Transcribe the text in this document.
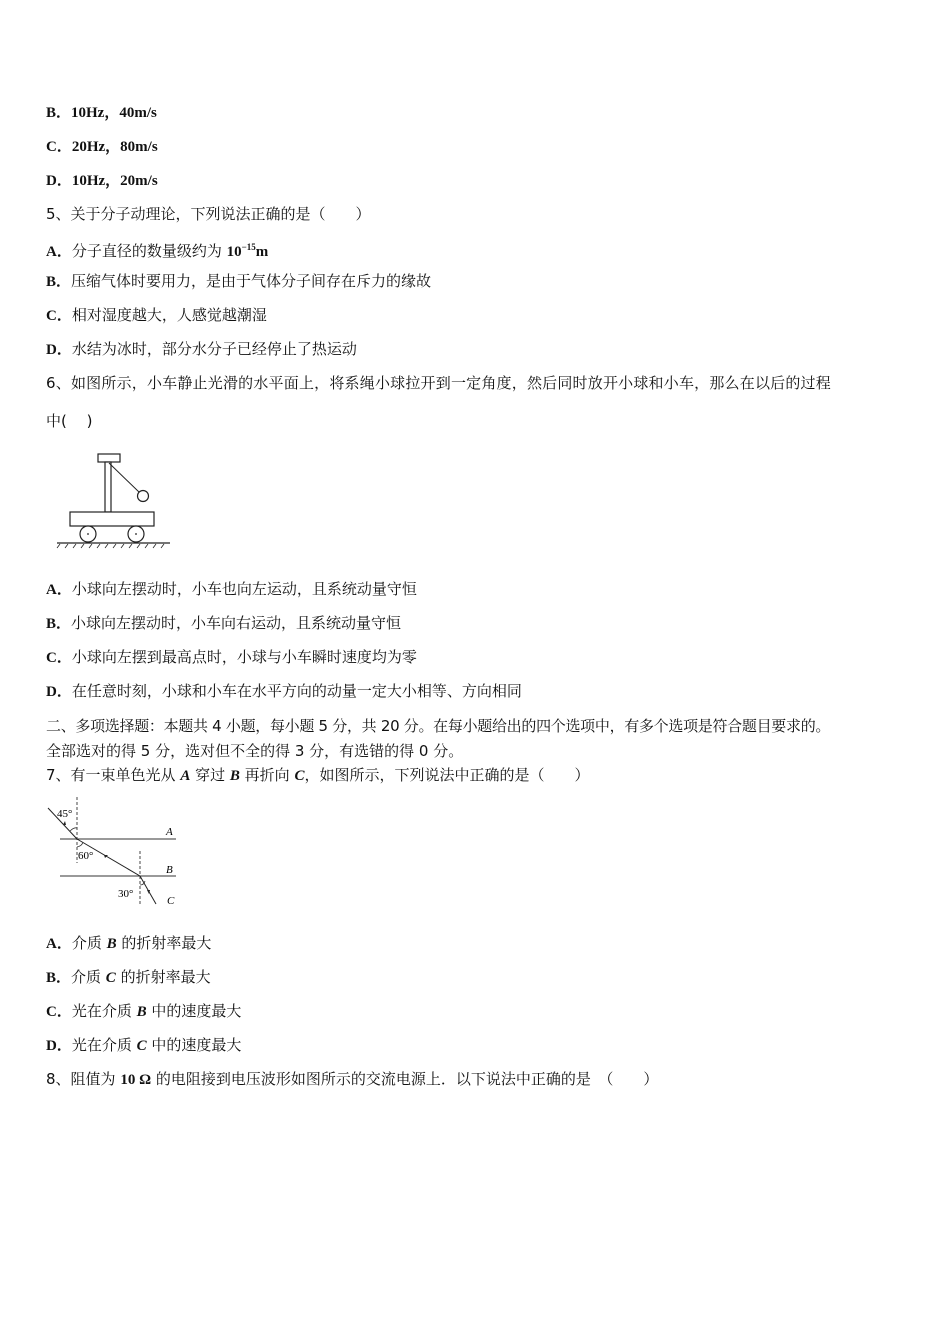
B．10Hz，40m/s
C．20Hz，80m/s
D．10Hz，20m/s
5、关于分子动理论，下列说法正确的是（　　）
A．分子直径的数量级约为 $10^{-15}m$
B．压缩气体时要用力，是由于气体分子间存在斥力的缘故
C．相对湿度越大，人感觉越潮湿
D．水结为冰时，部分水分子已经停止了热运动
6、如图所示，小车静止光滑的水平面上，将系绳小球拉开到一定角度，然后同时放开小球和小车，那么在以后的过程
中(　 )
A．小球向左摆动时，小车也向左运动，且系统动量守恒
B．小球向左摆动时，小车向右运动，且系统动量守恒
C．小球向左摆到最高点时，小球与小车瞬时速度均为零
D．在任意时刻，小球和小车在水平方向的动量一定大小相等、方向相同
二、多项选择题：本题共 4 小题，每小题 5 分，共 20 分。在每小题给出的四个选项中，有多个选项是符合题目要求的。
全部选对的得 5 分，选对但不全的得 3 分，有选错的得 0 分。
7、有一束单色光从 A 穿过 B 再折向 C，如图所示，下列说法中正确的是（　　）
45°
60°
30°
A
B
C
A．介质 B 的折射率最大
B．介质 C 的折射率最大
C．光在介质 B 中的速度最大
D．光在介质 C 中的速度最大
8、阻值为 10 Ω 的电阻接到电压波形如图所示的交流电源上．以下说法中正确的是　（　　）
